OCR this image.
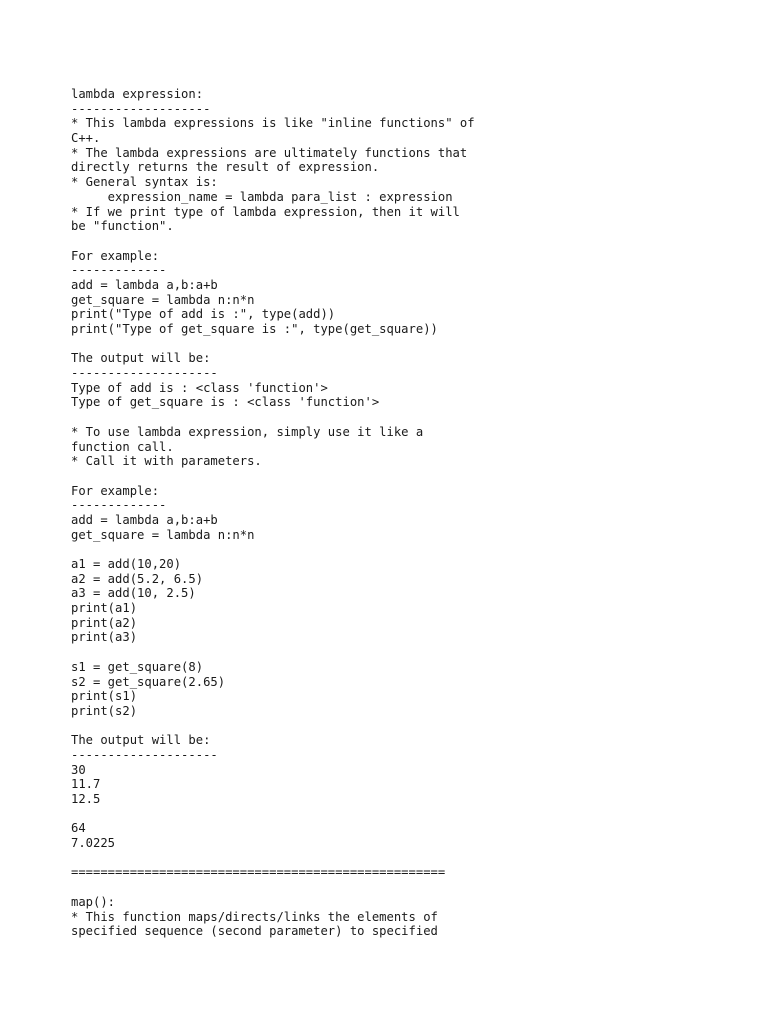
lambda expression:
-------------------
* This lambda expressions is like "inline functions" of
C++.
* The lambda expressions are ultimately functions that
directly returns the result of expression.
* General syntax is:
expression_name = lambda para_list : expression
* If we print type of lambda expression, then it will
be "function".
For example:
-------------
add = lambda a,b:a+b
get_square = lambda n:n*n
print("Type of add is :", type(add))
print("Type of get_square is :", type(get_square))
The output will be:
--------------------
Type of add is : <class 'function'>
Type of get_square is : <class 'function'>
* To use lambda expression, simply use it like a
function call.
* Call it with parameters.
For example:
-------------
add = lambda a,b:a+b
get_square = lambda n:n*n
a1 = add(10,20)
a2 = add(5.2, 6.5)
a3 = add(10, 2.5)
print(a1)
print(a2)
print(a3)
s1 = get_square(8)
s2 = get_square(2.65)
print(s1)
print(s2)
The output will be:
--------------------
30
11.7
12.5
64
7.0225
===================================================
map():
* This function maps/directs/links the elements of
specified sequence (second parameter) to specified
